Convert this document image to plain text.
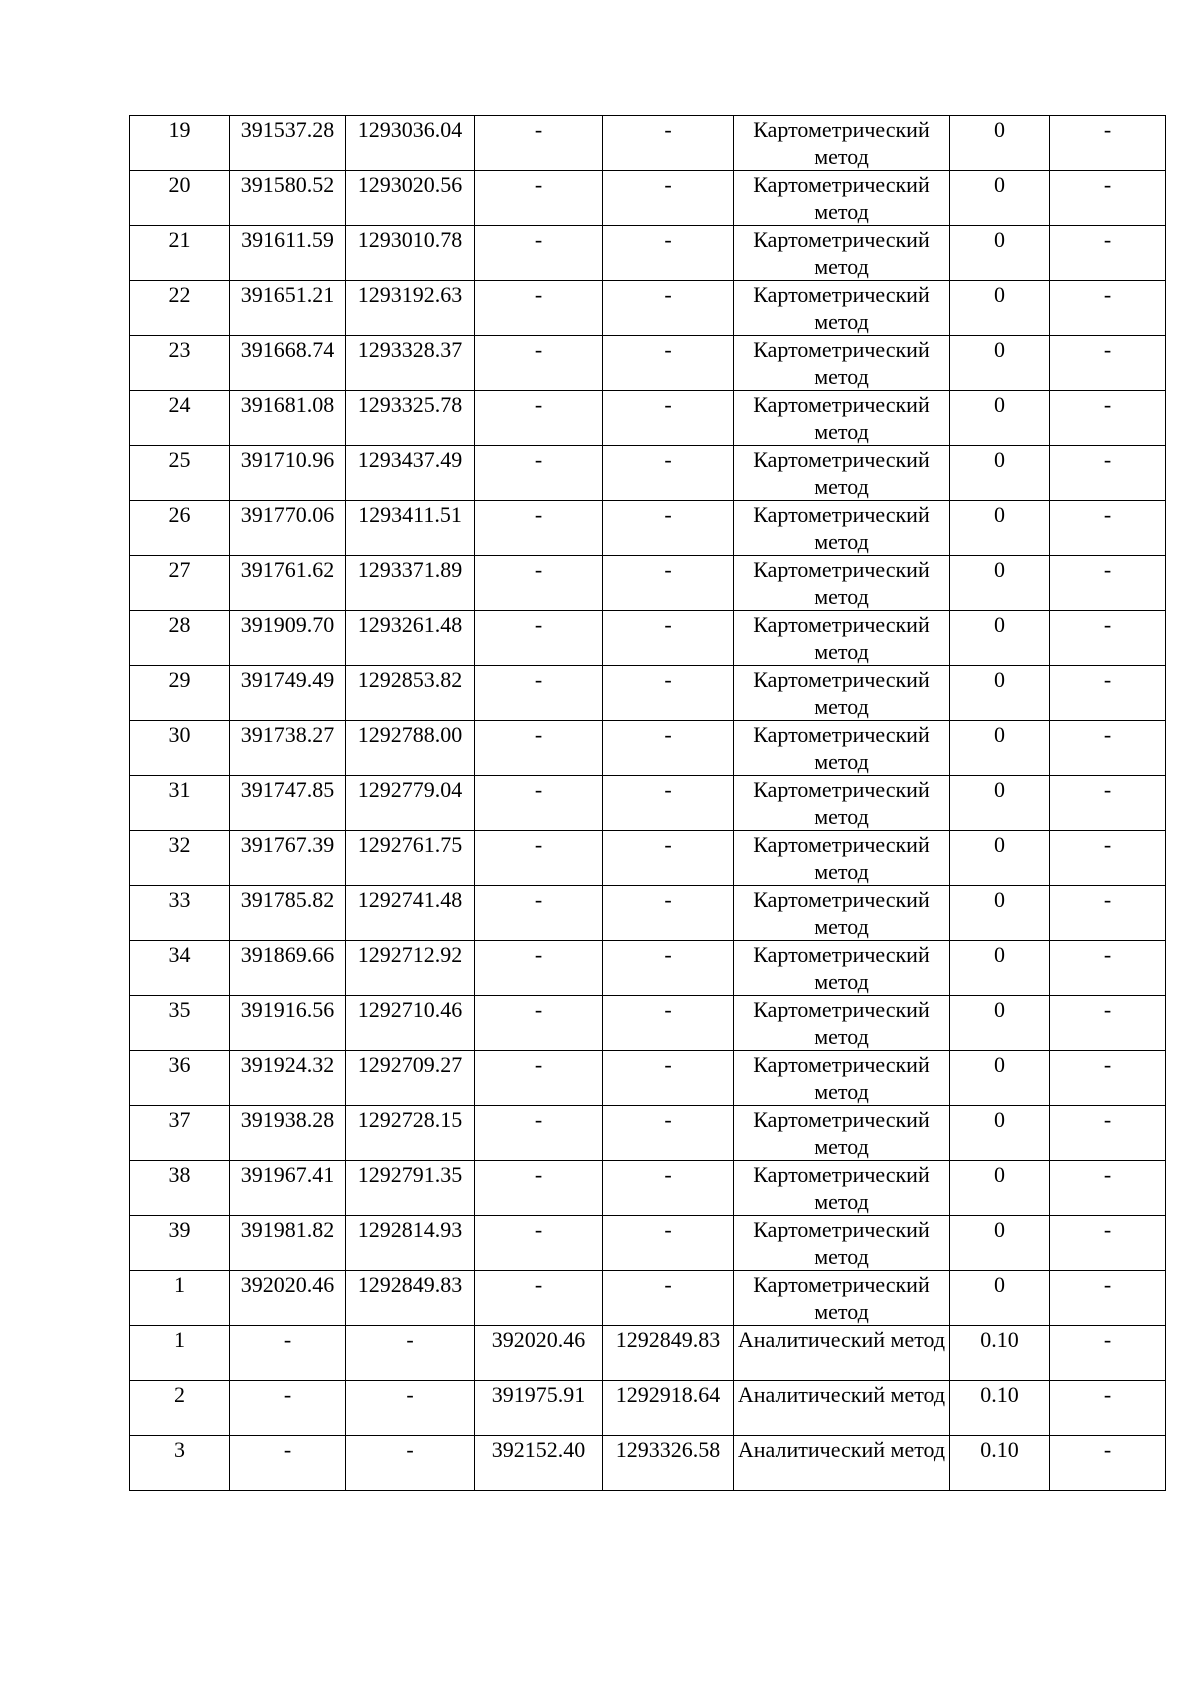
19	391537.28	1293036.04	-	-	Картометрический метод	0	-

20	391580.52	1293020.56	-	-	Картометрический метод	0	-

21	391611.59	1293010.78	-	-	Картометрический метод	0	-

22	391651.21	1293192.63	-	-	Картометрический метод	0	-

23	391668.74	1293328.37	-	-	Картометрический метод	0	-

24	391681.08	1293325.78	-	-	Картометрический метод	0	-

25	391710.96	1293437.49	-	-	Картометрический метод	0	-

26	391770.06	1293411.51	-	-	Картометрический метод	0	-

27	391761.62	1293371.89	-	-	Картометрический метод	0	-

28	391909.70	1293261.48	-	-	Картометрический метод	0	-

29	391749.49	1292853.82	-	-	Картометрический метод	0	-

30	391738.27	1292788.00	-	-	Картометрический метод	0	-

31	391747.85	1292779.04	-	-	Картометрический метод	0	-

32	391767.39	1292761.75	-	-	Картометрический метод	0	-

33	391785.82	1292741.48	-	-	Картометрический метод	0	-

34	391869.66	1292712.92	-	-	Картометрический метод	0	-

35	391916.56	1292710.46	-	-	Картометрический метод	0	-

36	391924.32	1292709.27	-	-	Картометрический метод	0	-

37	391938.28	1292728.15	-	-	Картометрический метод	0	-

38	391967.41	1292791.35	-	-	Картометрический метод	0	-

39	391981.82	1292814.93	-	-	Картометрический метод	0	-

1	392020.46	1292849.83	-	-	Картометрический метод	0	-

1	-	-	392020.46	1292849.83	Аналитический метод	0.10	-

2	-	-	391975.91	1292918.64	Аналитический метод	0.10	-

3	-	-	392152.40	1293326.58	Аналитический метод	0.10	-
